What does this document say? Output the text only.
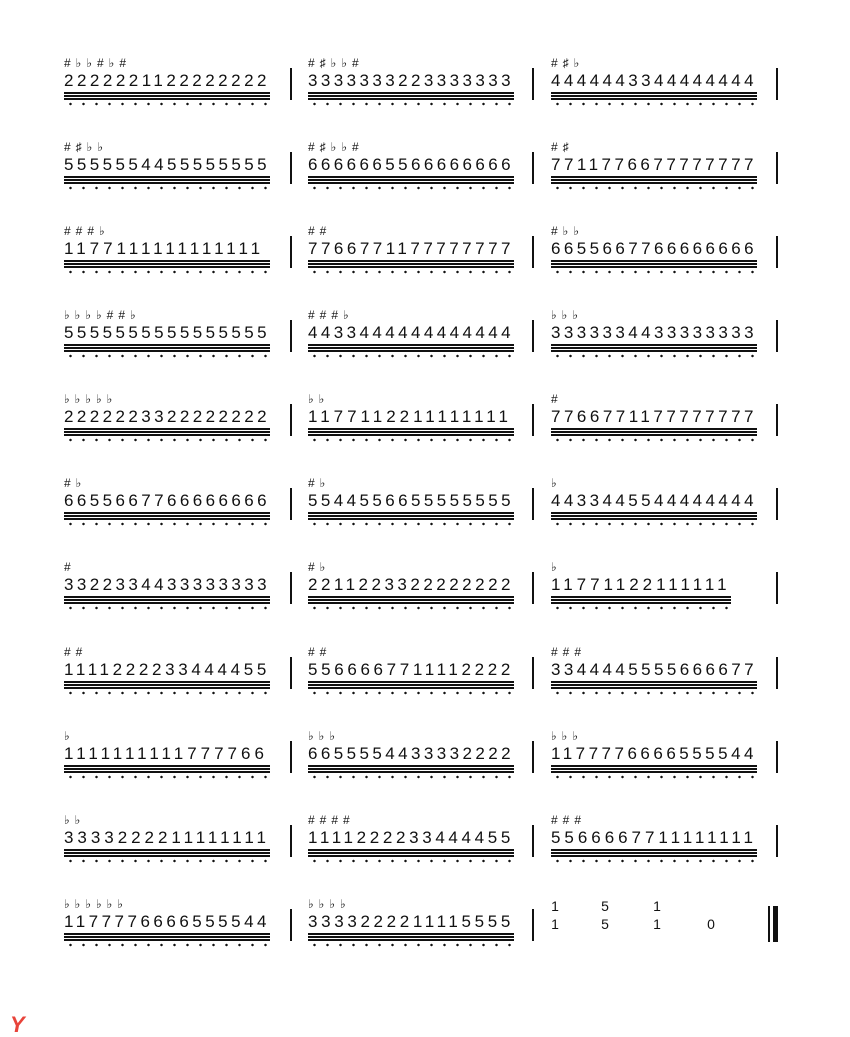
#♭♭#♭#
2222221122222222
#♯♭♭#
3333333223333333
#♯♭
4444443344444444
#♯♭♭
5555554455555555
#♯♭♭#
6666665566666666
#♯
7711776677777777
###♭
1177111111111111
##
7766771177777777
#♭♭
6655667766666666
♭♭♭♭##♭
5555555555555555
###♭
4433444444444444
♭♭♭
3333334433333333
♭♭♭♭♭
2222223322222222
♭♭
1177112211111111
#
7766771177777777
#♭
6655667766666666
#♭
5544556655555555
♭
4433445544444444
#
3322334433333333
#♭
2211223322222222
♭
11771122111111
##
1111222233444455
##
5566667711112222
###
3344445555666677
♭
1111111111777766
♭♭♭
6655554433332222
♭♭♭
1177776666555544
♭♭
3333222211111111
####
1111222233444455
###
5566667711111111
♭♭♭♭♭♭
1177776666555544
♭♭♭♭
3333222211115555
1	5	1
1	5	1	0
Y
